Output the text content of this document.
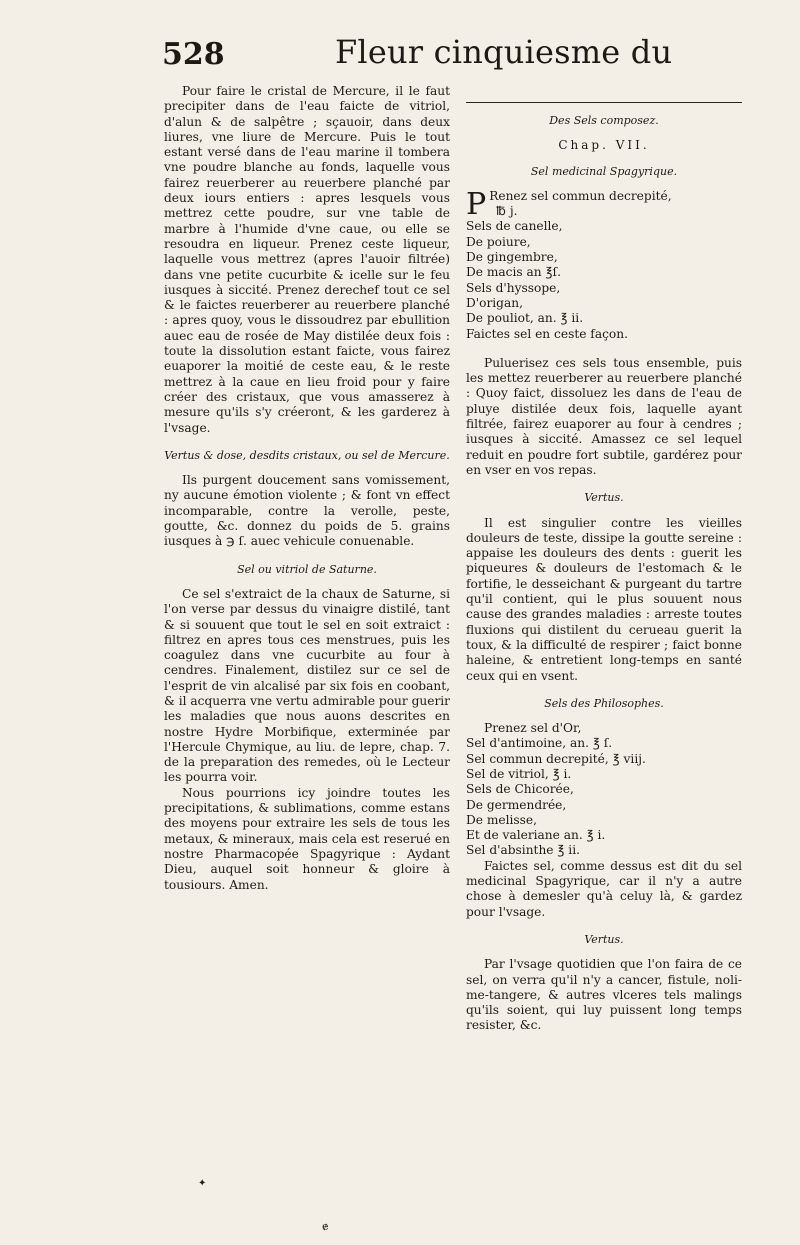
528	Fleur cinquiesme du

Pour faire le cristal de Mercure, il le faut precipiter dans de l'eau faicte de vitriol, d'alun & de salpêtre ; sçauoir, dans deux liures, vne liure de Mercure. Puis le tout estant versé dans de l'eau marine il tombera vne poudre blanche au fonds, laquelle vous fairez reuerberer au reuerbere planché par deux iours entiers : apres lesquels vous mettrez cette poudre, sur vne table de marbre à l'humide d'vne caue, ou elle se resoudra en liqueur. Prenez ceste liqueur, laquelle vous mettrez (apres l'auoir filtrée) dans vne petite cucurbite & icelle sur le feu iusques à siccité. Prenez derechef tout ce sel & le faictes reuerberer au reuerbere planché : apres quoy, vous le dissoudrez par ebullition auec eau de rosée de May distilée deux fois : toute la dissolution estant faicte, vous fairez euaporer la moitié de ceste eau, & le reste mettrez à la caue en lieu froid pour y faire créer des cristaux, que vous amasserez à mesure qu'ils s'y créeront, & les garderez à l'vsage.

Vertus & dose, desdits cristaux, ou sel de Mercure.

Ils purgent doucement sans vomissement, ny aucune émotion violente ; & font vn effect incomparable, contre la verolle, peste, goutte, &c. donnez du poids de 5. grains iusques à ℈ ſ. auec vehicule conuenable.

Sel ou vitriol de Saturne.

Ce sel s'extraict de la chaux de Saturne, si l'on verse par dessus du vinaigre distilé, tant & si souuent que tout le sel en soit extraict : filtrez en apres tous ces menstrues, puis les coagulez dans vne cucurbite au four à cendres. Finalement, distilez sur ce sel de l'esprit de vin alcalisé par six fois en coobant, & il acquerra vne vertu admirable pour guerir les maladies que nous auons descrites en nostre Hydre Morbifique, exterminée par l'Hercule Chymique, au liu. de lepre, chap. 7. de la preparation des remedes, où le Lecteur les pourra voir.

Nous pourrions icy joindre toutes les precipitations, & sublimations, comme estans des moyens pour extraire les sels de tous les metaux, & mineraux, mais cela est reserué en nostre Pharmacopée Spagyrique : Aydant Dieu, auquel soit honneur & gloire à tousiours. Amen.

Des Sels composez.
Chap. VII.
Sel medicinal Spagyrique.
P Renez sel commun decrepité,

℔ j.

Sels de canelle,

De poiure,

De gingembre,

De macis an ℥ſ.

Sels d'hyssope,

D'origan,

De pouliot, an. ℥ ii.

Faictes sel en ceste façon.

Puluerisez ces sels tous ensemble, puis les mettez reuerberer au reuerbere planché : Quoy faict, dissoluez les dans de l'eau de pluye distilée deux fois, laquelle ayant filtrée, fairez euaporer au four à cendres ; iusques à siccité. Amassez ce sel lequel reduit en poudre fort subtile, gardérez pour en vser en vos repas.

Vertus.

Il est singulier contre les vieilles douleurs de teste, dissipe la goutte sereine : appaise les douleurs des dents : guerit les piqueures & douleurs de l'estomach & le fortifie, le desseichant & purgeant du tartre qu'il contient, qui le plus souuent nous cause des grandes maladies : arreste toutes fluxions qui distilent du cerueau guerit la toux, & la difficulté de respirer ; faict bonne haleine, & entretient long-temps en santé ceux qui en vsent.

Sels des Philosophes.

Prenez sel d'Or,

Sel d'antimoine, an. ℥ ſ.

Sel commun decrepité, ℥ viij.

Sel de vitriol, ℥ i.

Sels de Chicorée,

De germendrée,

De melisse,

Et de valeriane an. ℥ i.

Sel d'absinthe ℥ ii.

Faictes sel, comme dessus est dit du sel medicinal Spagyrique, car il n'y a autre chose à demesler qu'à celuy là, & gardez pour l'vsage.

Vertus.

Par l'vsage quotidien que l'on faira de ce sel, on verra qu'il n'y a cancer, fistule, noli-me-tangere, & autres vlceres tels malings qu'ils soient, qui luy puissent long temps resister, &c.

✦
ɇ
